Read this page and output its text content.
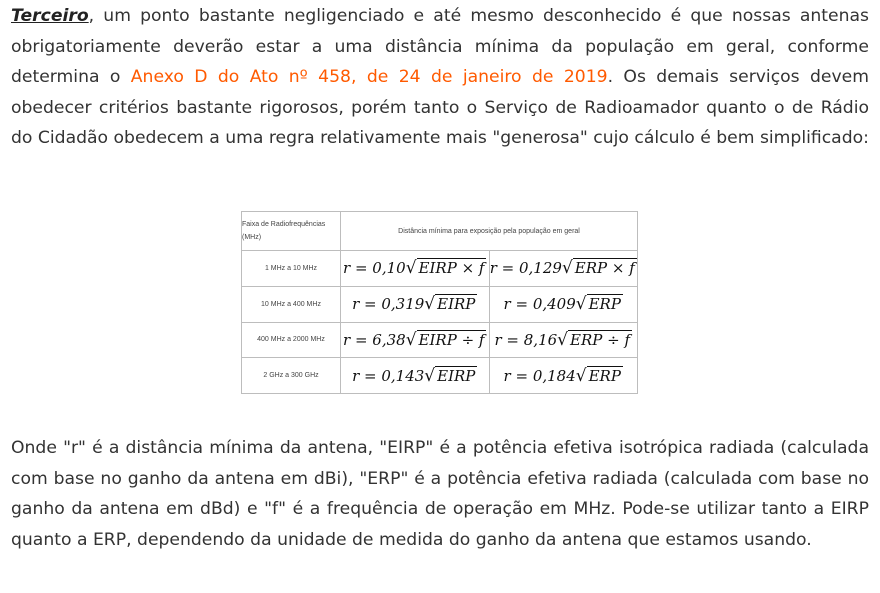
Terceiro, um ponto bastante negligenciado e até mesmo desconhecido é que nossas antenas obrigatoriamente deverão estar a uma distância mínima da população em geral, conforme determina o Anexo D do Ato nº 458, de 24 de janeiro de 2019. Os demais serviços devem obedecer critérios bastante rigorosos, porém tanto o Serviço de Radioamador quanto o de Rádio do Cidadão obedecem a uma regra relativamente mais "generosa" cujo cálculo é bem simplificado:

Faixa de Radiofrequências (MHz)	Distância mínima para exposição pela população em geral	
1 MHz a 10 MHz	r = 0,10√ EIRP × f	r = 0,129√ ERP × f
10 MHz a 400 MHz	r = 0,319√ EIRP	r = 0,409√ ERP
400 MHz a 2000 MHz	r = 6,38√ EIRP ÷ f	r = 8,16√ ERP ÷ f
2 GHz a 300 GHz	r = 0,143√ EIRP	r = 0,184√ ERP

Onde "r" é a distância mínima da antena, "EIRP" é a potência efetiva isotrópica radiada (calculada com base no ganho da antena em dBi), "ERP" é a potência efetiva radiada (calculada com base no ganho da antena em dBd) e "f" é a frequência de operação em MHz. Pode-se utilizar tanto a EIRP quanto a ERP, dependendo da unidade de medida do ganho da antena que estamos usando.
